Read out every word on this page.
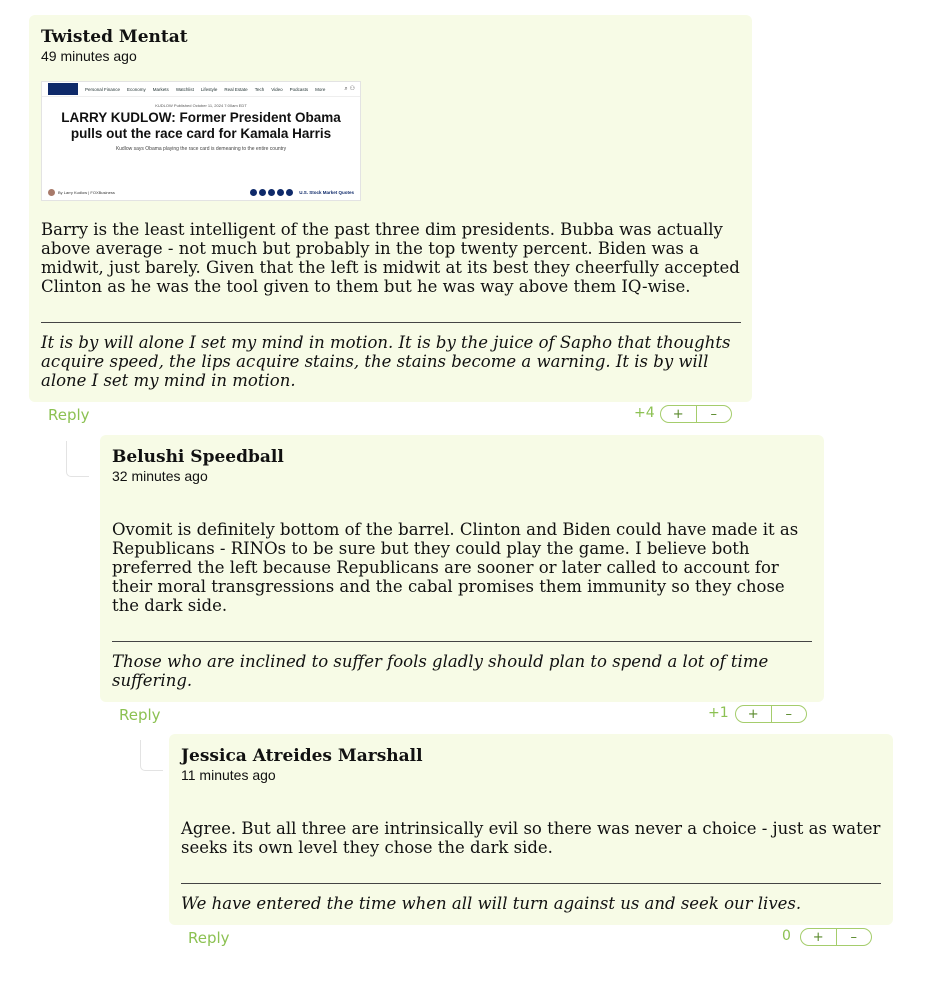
Twisted Mentat
49 minutes ago
Personal Finance Economy Markets Watchlist Lifestyle Real Estate Tech Video Podcasts More	⌕ ⚇
KUDLOW Published October 11, 2024 7:00am EDT
LARRY KUDLOW: Former President Obama pulls out the race card for Kamala Harris
Kudlow says Obama playing the race card is demeaning to the entire country
By Larry Kudlow | FOXBusiness	U.S. Stock Market Quotes
Barry is the least intelligent of the past three dim presidents. Bubba was actually above average - not much but probably in the top twenty percent. Biden was a midwit, just barely. Given that the left is midwit at its best they cheerfully accepted Clinton as he was the tool given to them but he was way above them IQ-wise.
It is by will alone I set my mind in motion. It is by the juice of Sapho that thoughts acquire speed, the lips acquire stains, the stains become a warning. It is by will alone I set my mind in motion.
Reply	+4	+	–
Belushi Speedball
32 minutes ago
Ovomit is definitely bottom of the barrel. Clinton and Biden could have made it as Republicans - RINOs to be sure but they could play the game. I believe both preferred the left because Republicans are sooner or later called to account for their moral transgressions and the cabal promises them immunity so they chose the dark side.
Those who are inclined to suffer fools gladly should plan to spend a lot of time suffering.
Reply	+1	+	–
Jessica Atreides Marshall
11 minutes ago
Agree. But all three are intrinsically evil so there was never a choice - just as water seeks its own level they chose the dark side.
We have entered the time when all will turn against us and seek our lives.
Reply	0	+	–
